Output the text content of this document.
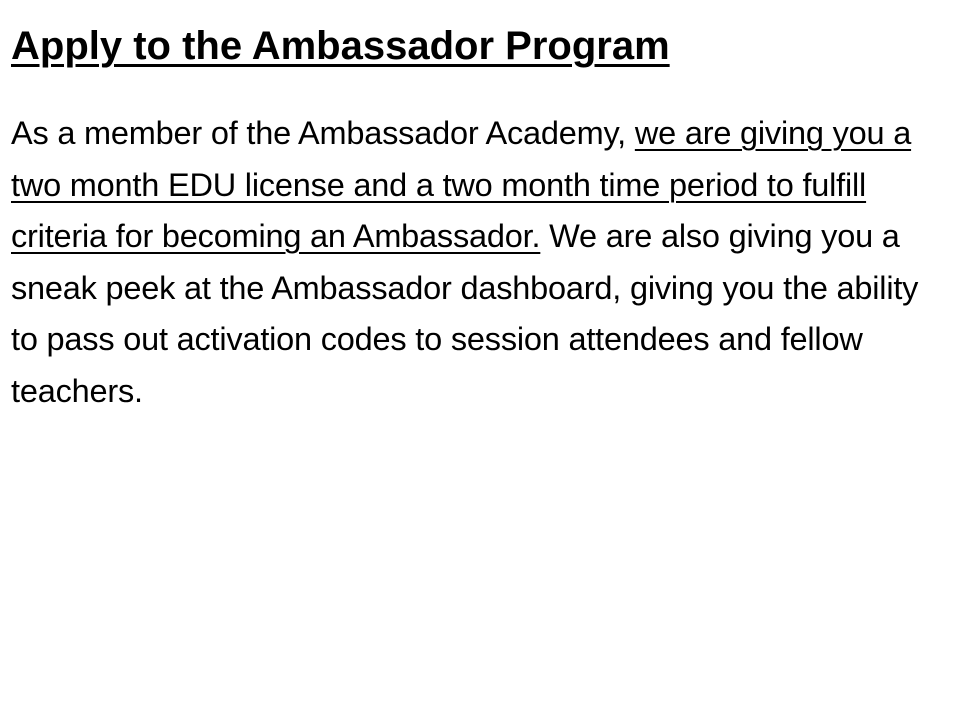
Apply to the Ambassador Program

As a member of the Ambassador Academy, we are giving you a two month EDU license and a two month time period to fulfill criteria for becoming an Ambassador. We are also giving you a sneak peek at the Ambassador dashboard, giving you the ability to pass out activation codes to session attendees and fellow teachers.
